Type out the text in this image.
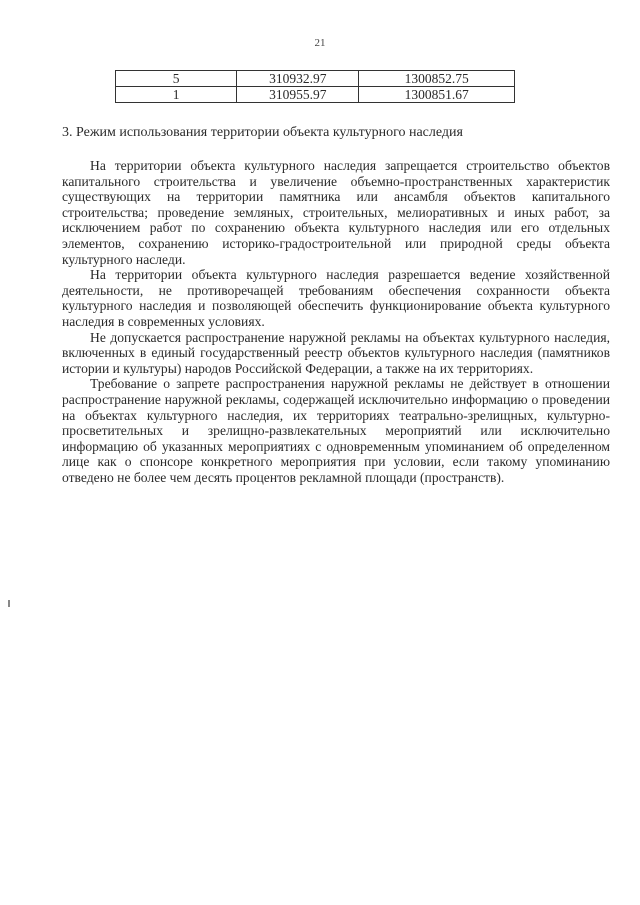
21
5	310932.97	1300852.75
1	310955.97	1300851.67
3. Режим использования территории объекта культурного наследия

На территории объекта культурного наследия запрещается строительство объектов капитального строительства и увеличение объемно-пространственных характеристик существующих на территории памятника или ансамбля объектов капитального строительства; проведение земляных, строительных, мелиоративных и иных работ, за исключением работ по сохранению объекта культурного наследия или его отдельных элементов, сохранению историко-градостроительной или природной среды объекта культурного наследи.

На территории объекта культурного наследия разрешается ведение хозяйственной деятельности, не противоречащей требованиям обеспечения сохранности объекта культурного наследия и позволяющей обеспечить функционирование объекта культурного наследия в современных условиях.

Не допускается распространение наружной рекламы на объектах культурного наследия, включенных в единый государственный реестр объектов культурного наследия (памятников истории и культуры) народов Российской Федерации, а также на их территориях.

Требование о запрете распространения наружной рекламы не действует в отношении распространение наружной рекламы, содержащей исключительно информацию о проведении на объектах культурного наследия, их территориях театрально-зрелищных, культурно-просветительных и зрелищно-развлекательных мероприятий или исключительно информацию об указанных мероприятиях с одновременным упоминанием об определенном лице как о спонсоре конкретного мероприятия при условии, если такому упоминанию отведено не более чем десять процентов рекламной площади (пространств).
